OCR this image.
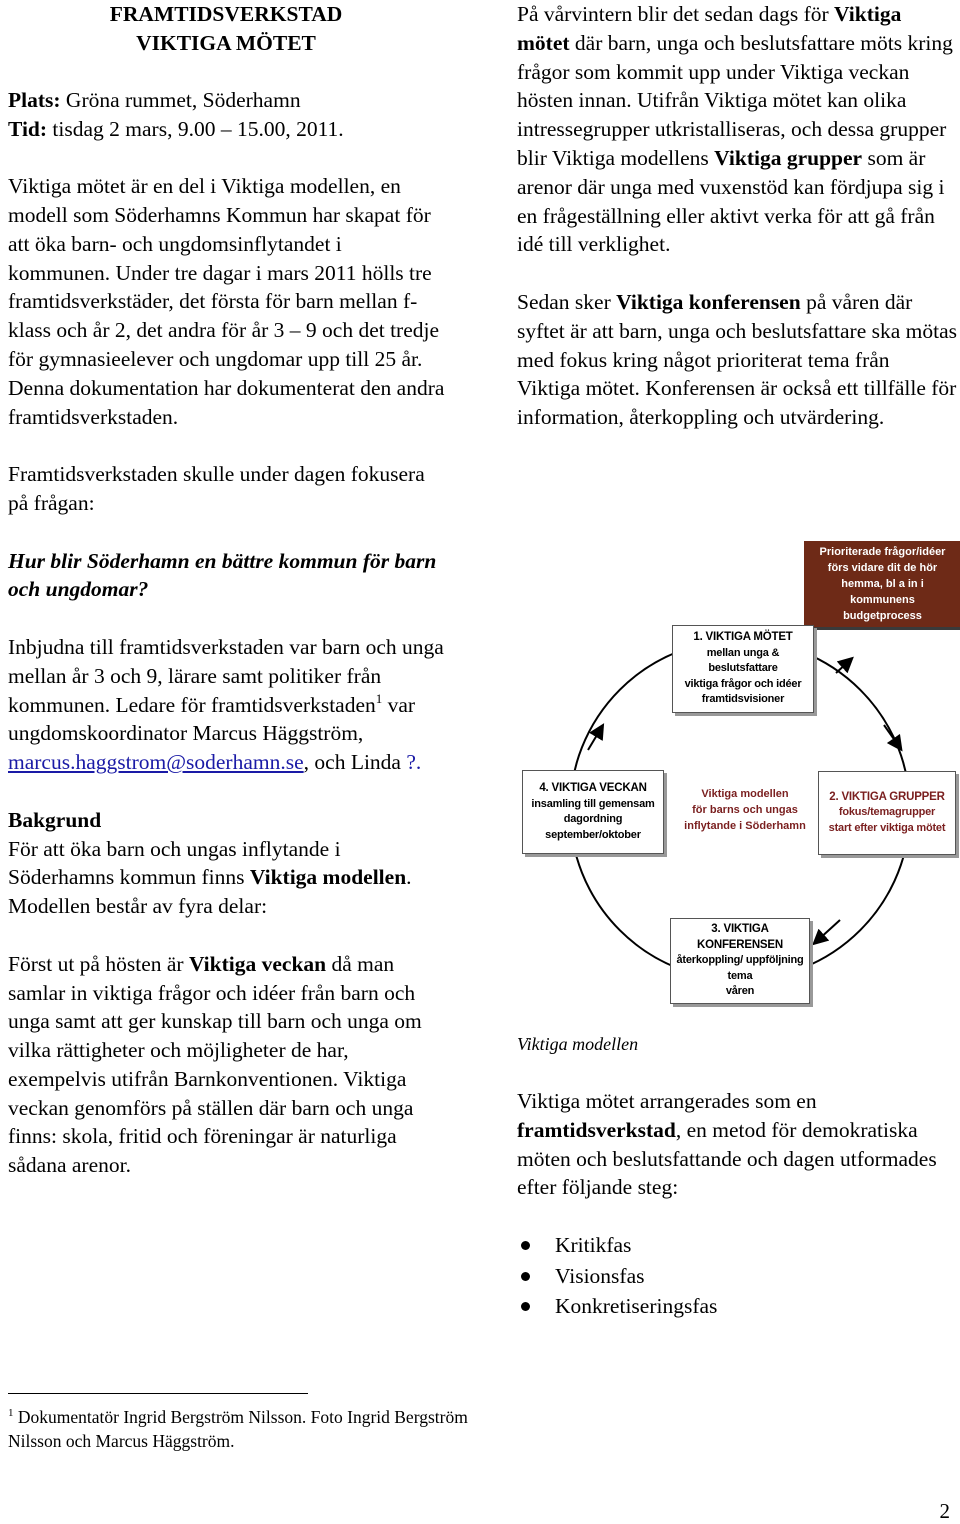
FRAMTIDSVERKSTAD

VIKTIGA MÖTET

Plats: Gröna rummet, Söderhamn

Tid: tisdag 2 mars, 9.00 – 15.00, 2011.

Viktiga mötet är en del i Viktiga modellen, en modell som Söderhamns Kommun har skapat för att öka barn- och ungdomsinflytandet i kommunen. Under tre dagar i mars 2011 hölls tre framtidsverkstäder, det första för barn mellan f-klass och år 2, det andra för år 3 – 9 och det tredje för gymnasieelever och ungdomar upp till 25 år. Denna dokumentation har dokumenterat den andra framtidsverkstaden.

Framtidsverkstaden skulle under dagen fokusera på frågan:

Hur blir Söderhamn en bättre kommun för barn och ungdomar?

Inbjudna till framtidsverkstaden var barn och unga mellan år 3 och 9, lärare samt politiker från kommunen. Ledare för framtidsverkstaden$^1$ var ungdomskoordinator Marcus Häggström, marcus.haggstrom@soderhamn.se, och Linda ?.

Bakgrund

För att öka barn och ungas inflytande i Söderhamns kommun finns Viktiga modellen. Modellen består av fyra delar:

Först ut på hösten är Viktiga veckan då man samlar in viktiga frågor och idéer från barn och unga samt att ger kunskap till barn och unga om vilka rättigheter och möjligheter de har, exempelvis utifrån Barnkonventionen. Viktiga veckan genomförs på ställen där barn och unga finns: skola, fritid och föreningar är naturliga sådana arenor.

På vårvintern blir det sedan dags för Viktiga mötet där barn, unga och beslutsfattare möts kring frågor som kommit upp under Viktiga veckan hösten innan. Utifrån Viktiga mötet kan olika intressegrupper utkristalliseras, och dessa grupper blir Viktiga modellens Viktiga grupper som är arenor där unga med vuxenstöd kan fördjupa sig i en frågeställning eller aktivt verka för att gå från idé till verklighet.

Sedan sker Viktiga konferensen på våren där syftet är att barn, unga och beslutsfattare ska mötas med fokus kring något prioriterat tema från Viktiga mötet. Konferensen är också ett tillfälle för information, återkoppling och utvärdering.

Prioriterade frågor/idéer
förs vidare dit de hör
hemma, bl a in i
kommunens
budgetprocess
1. VIKTIGA MÖTET
mellan unga &
beslutsfattare
viktiga frågor och idéer
framtidsvisioner
2. VIKTIGA GRUPPER
fokus/temagrupper
start efter viktiga mötet
3. VIKTIGA KONFERENSEN
återkoppling/ uppföljning
tema
våren
4. VIKTIGA VECKAN
insamling till gemensam
dagordning
september/oktober
Viktiga modellen
för barns och ungas
inflytande i Söderhamn

Viktiga modellen

Viktiga mötet arrangerades som en framtidsverkstad, en metod för demokratiska möten och beslutsfattande och dagen utformades efter följande steg:

Kritikfas
Visionsfas
Konkretiseringsfas

$^1$ Dokumentatör Ingrid Bergström Nilsson. Foto Ingrid Bergström Nilsson och Marcus Häggström.

2
